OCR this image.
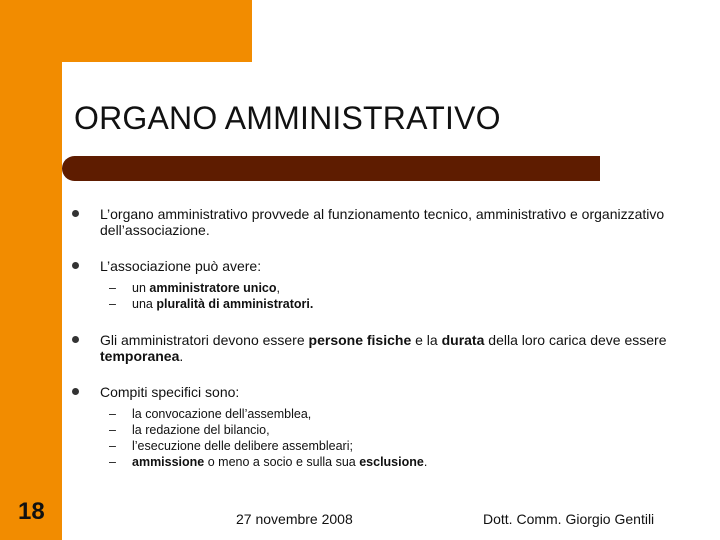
ORGANO AMMINISTRATIVO
L’organo amministrativo provvede al funzionamento tecnico, amministrativo e organizzativo dell’associazione.
L’associazione può avere:
– un amministratore unico,
– una pluralità di amministratori.
Gli amministratori devono essere persone fisiche e la durata della loro carica deve essere temporanea.
Compiti specifici sono:
– la convocazione dell’assemblea,
– la redazione del bilancio,
– l’esecuzione delle delibere assembleari;
– ammissione o meno a socio e sulla sua esclusione.
18	27 novembre 2008	Dott. Comm. Giorgio Gentili
